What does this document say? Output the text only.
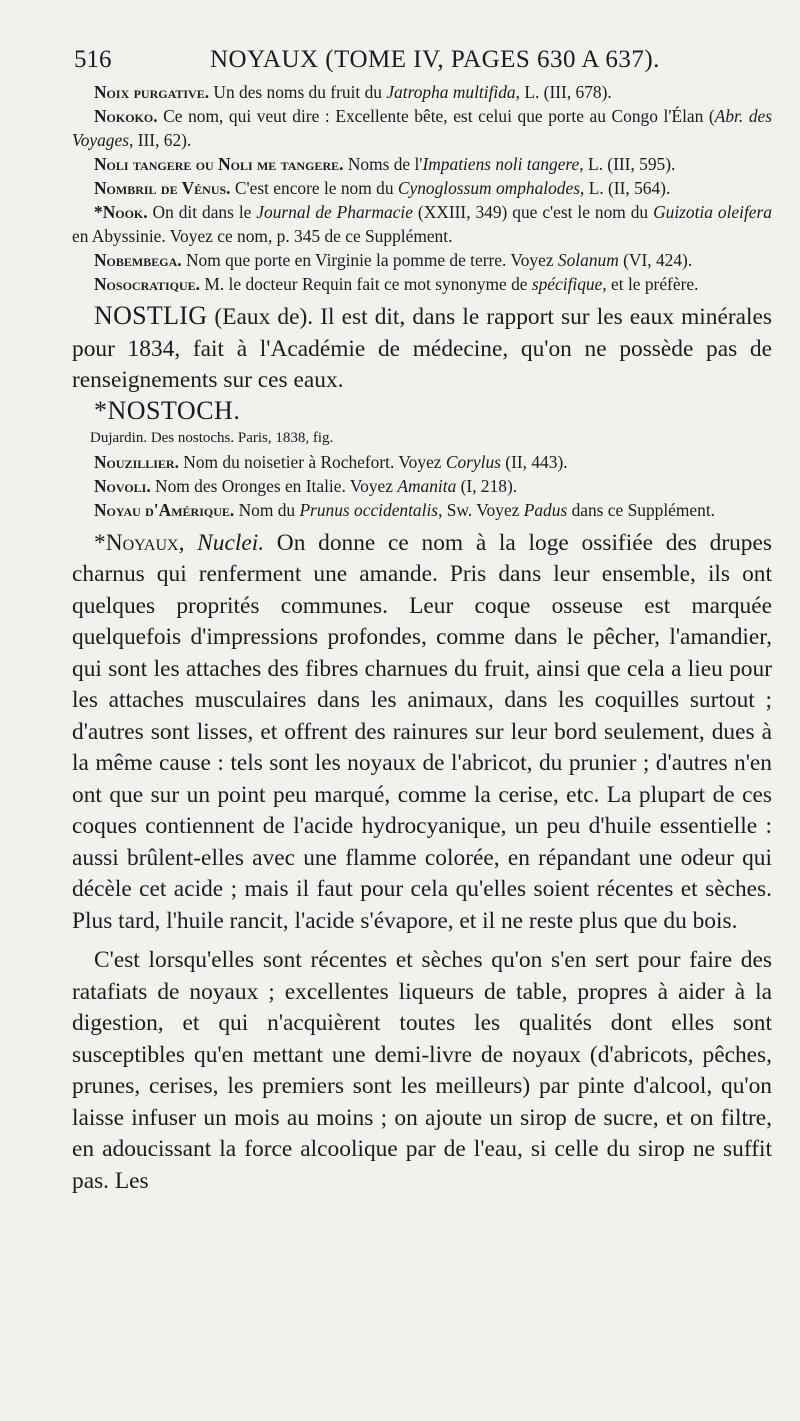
516	NOYAUX (TOME IV, PAGES 630 A 637).

Noix purgative. Un des noms du fruit du Jatropha multifida, L. (III, 678).

Nokoko. Ce nom, qui veut dire : Excellente bête, est celui que porte au Congo l'Élan (Abr. des Voyages, III, 62).

Noli tangere ou Noli me tangere. Noms de l'Impatiens noli tangere, L. (III, 595).

Nombril de Vénus. C'est encore le nom du Cynoglossum omphalodes, L. (II, 564).

*Nook. On dit dans le Journal de Pharmacie (XXIII, 349) que c'est le nom du Guizotia oleifera en Abyssinie. Voyez ce nom, p. 345 de ce Supplément.

Nobembega. Nom que porte en Virginie la pomme de terre. Voyez Solanum (VI, 424).

Nosocratique. M. le docteur Requin fait ce mot synonyme de spécifique, et le préfère.

NOSTLIG (Eaux de). Il est dit, dans le rapport sur les eaux minérales pour 1834, fait à l'Académie de médecine, qu'on ne possède pas de renseignements sur ces eaux.

*NOSTOCH.

Dujardin. Des nostochs. Paris, 1838, fig.

Nouzillier. Nom du noisetier à Rochefort. Voyez Corylus (II, 443).

Novoli. Nom des Oronges en Italie. Voyez Amanita (I, 218).

Noyau d'Amérique. Nom du Prunus occidentalis, Sw. Voyez Padus dans ce Supplément.

*Noyaux, Nuclei. On donne ce nom à la loge ossifiée des drupes charnus qui renferment une amande. Pris dans leur ensemble, ils ont quelques proprités communes. Leur coque osseuse est marquée quelquefois d'impressions profondes, comme dans le pêcher, l'amandier, qui sont les attaches des fibres charnues du fruit, ainsi que cela a lieu pour les attaches musculaires dans les animaux, dans les coquilles surtout ; d'autres sont lisses, et offrent des rainures sur leur bord seulement, dues à la même cause : tels sont les noyaux de l'abricot, du prunier ; d'autres n'en ont que sur un point peu marqué, comme la cerise, etc. La plupart de ces coques contiennent de l'acide hydrocyanique, un peu d'huile essentielle : aussi brûlent-elles avec une flamme colorée, en répandant une odeur qui décèle cet acide ; mais il faut pour cela qu'elles soient récentes et sèches. Plus tard, l'huile rancit, l'acide s'évapore, et il ne reste plus que du bois.

C'est lorsqu'elles sont récentes et sèches qu'on s'en sert pour faire des ratafiats de noyaux ; excellentes liqueurs de table, propres à aider à la digestion, et qui n'acquièrent toutes les qualités dont elles sont susceptibles qu'en mettant une demi-livre de noyaux (d'abricots, pêches, prunes, cerises, les premiers sont les meilleurs) par pinte d'alcool, qu'on laisse infuser un mois au moins ; on ajoute un sirop de sucre, et on filtre, en adoucissant la force alcoolique par de l'eau, si celle du sirop ne suffit pas. Les
